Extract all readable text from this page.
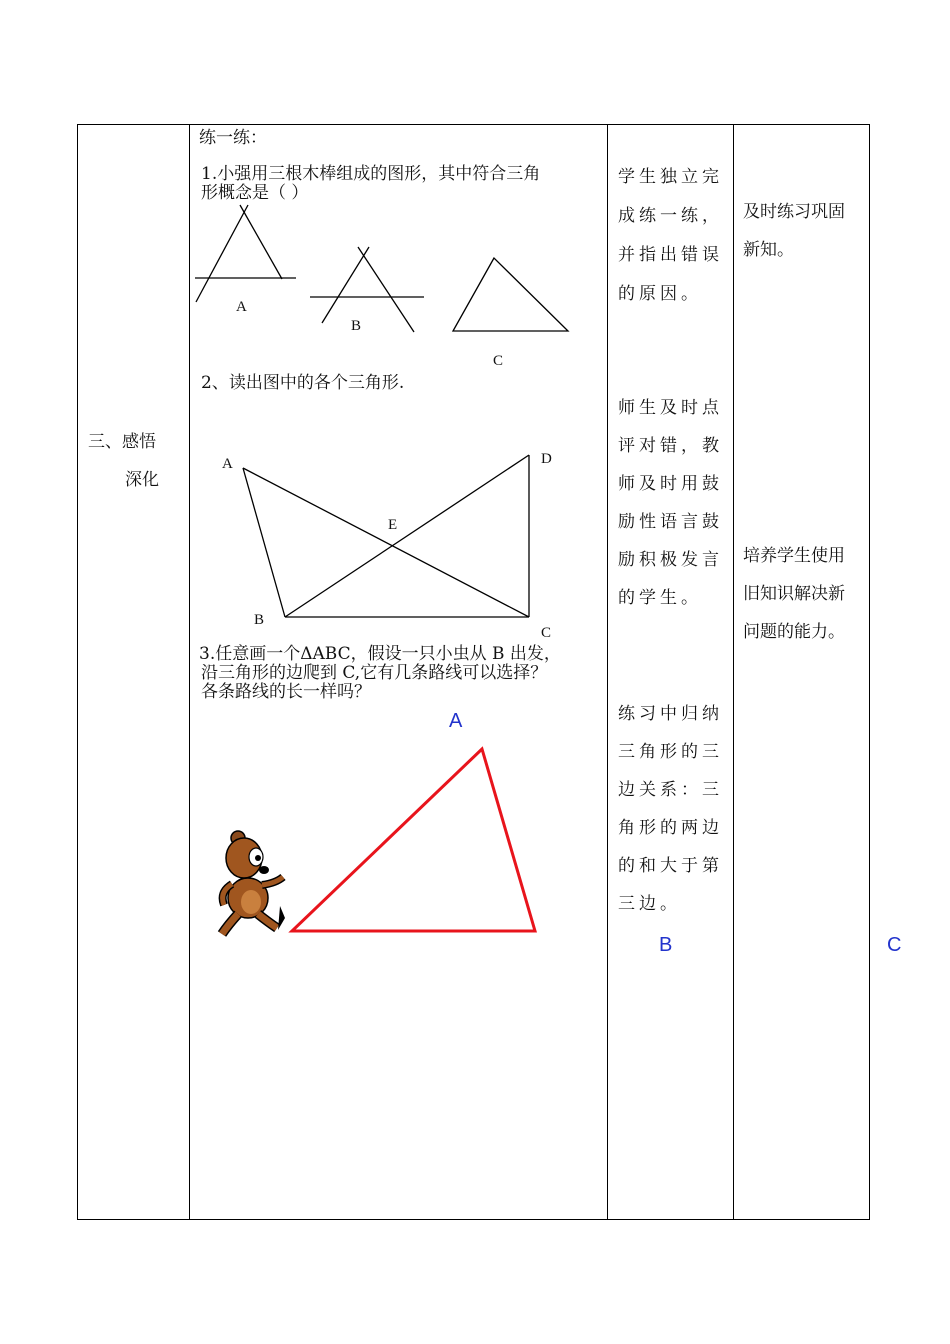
三、感悟
深化
练一练：
1.小强用三根木棒组成的图形，其中符合三角
形概念是（ ）
A
B
C
2、读出图中的各个三角形.
A
B
C
D
E
3.任意画一个ΔABC，假设一只小虫从 B 出发，
沿三角形的边爬到 C,它有几条路线可以选择？
各条路线的长一样吗？
A
B	C
学生独立完
成练一练，
并指出错误
的原因。
师生及时点
评对错，教
师及时用鼓
励性语言鼓
励积极发言
的学生。
练习中归纳
三角形的三
边关系：三
角形的两边
的和大于第
三边。
及时练习巩固
新知。
培养学生使用
旧知识解决新
问题的能力。
